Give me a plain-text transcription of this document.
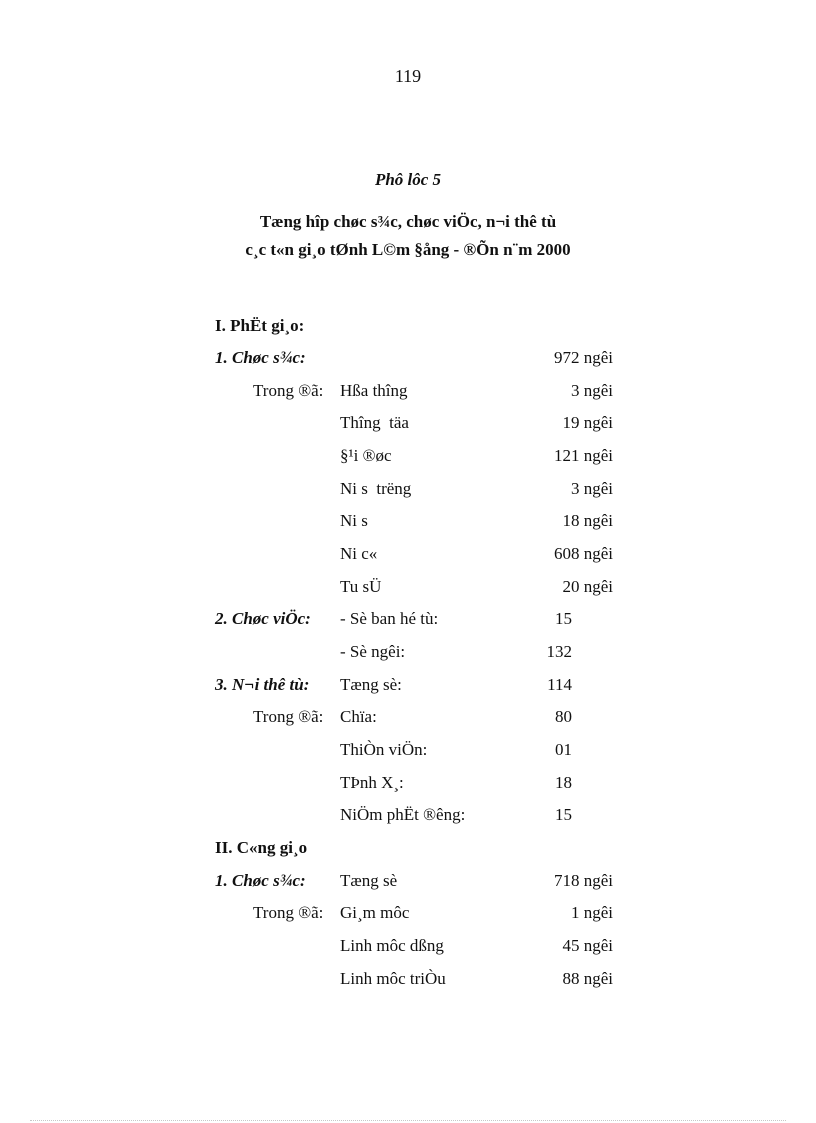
119
Phô lôc 5
Tæng hîp chøc s¾c, chøc viÖc, n¬i thê tù
c¸c t«n gi¸o tØnh L©m §ång - ®Õn n¨m 2000
I. PhËt gi¸o:
1. Chøc s¾c:	972 ngêi
Trong ®ã: Hßa thîng	3 ngêi
Thîng  täa	19 ngêi
§¹i ®øc	121 ngêi
Ni s  trëng	3 ngêi
Ni s	18 ngêi
Ni c«	608 ngêi
Tu sÜ	20 ngêi
2. Chøc viÖc: - Sè ban hé tù:	15
- Sè ngêi:	132
3. N¬i thê tù: Tæng sè:	114
Trong ®ã: Chïa:	80
ThiÒn viÖn:	01
TÞnh X¸:	18
NiÖm phËt ®êng:	15
II. C«ng gi¸o
1. Chøc s¾c: Tæng sè	718 ngêi
Trong ®ã: Gi¸m môc	1 ngêi
Linh môc dßng	45 ngêi
Linh môc triÒu	88 ngêi
